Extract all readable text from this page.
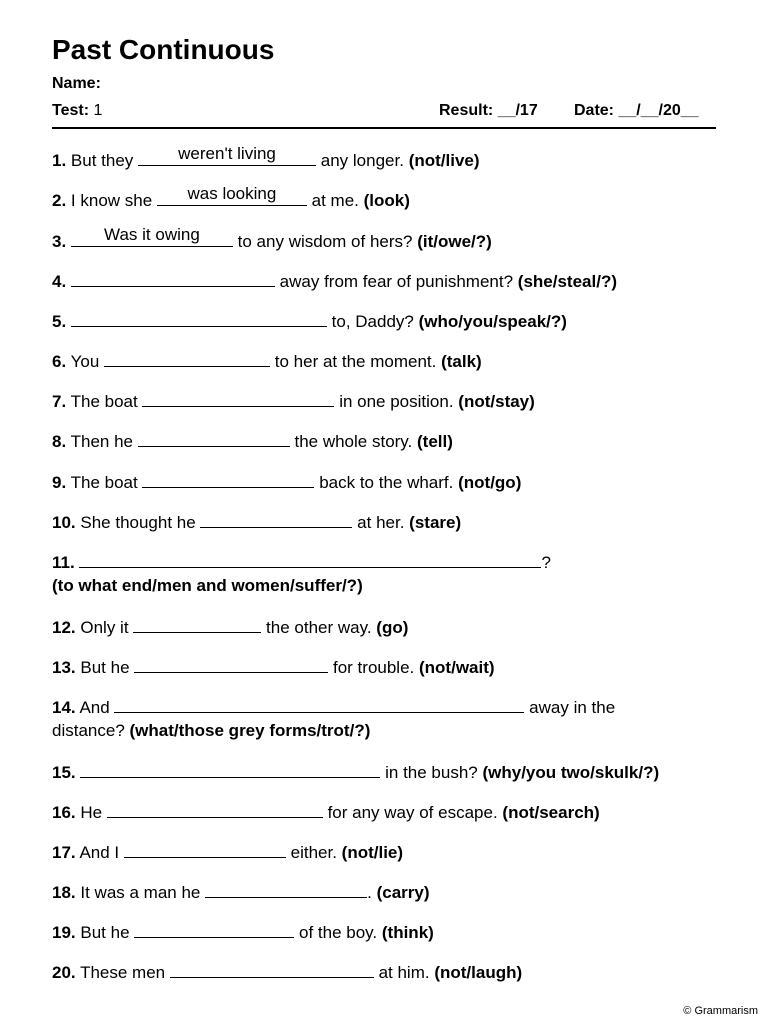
Past Continuous
Name:
Test: 1	Result: __/17 Date: __/__/20__
1. But they	weren't living	any longer. (not/live)
2. I know she	was looking	at me. (look)
3.	Was it owing	to any wisdom of hers? (it/owe/?)
4.	away from fear of punishment? (she/steal/?)
5.	to, Daddy? (who/you/speak/?)
6. You	to her at the moment. (talk)
7. The boat	in one position. (not/stay)
8. Then he	the whole story. (tell)
9. The boat	back to the wharf. (not/go)
10. She thought he	at her. (stare)
11.	?
(to what end/men and women/suffer/?)
12. Only it	the other way. (go)
13. But he	for trouble. (not/wait)
14. And	away in the
distance? (what/those grey forms/trot/?)
15.	in the bush? (why/you two/skulk/?)
16. He	for any way of escape. (not/search)
17. And I	either. (not/lie)
18. It was a man he	. (carry)
19. But he	of the boy. (think)
20. These men	at him. (not/laugh)
© Grammarism
